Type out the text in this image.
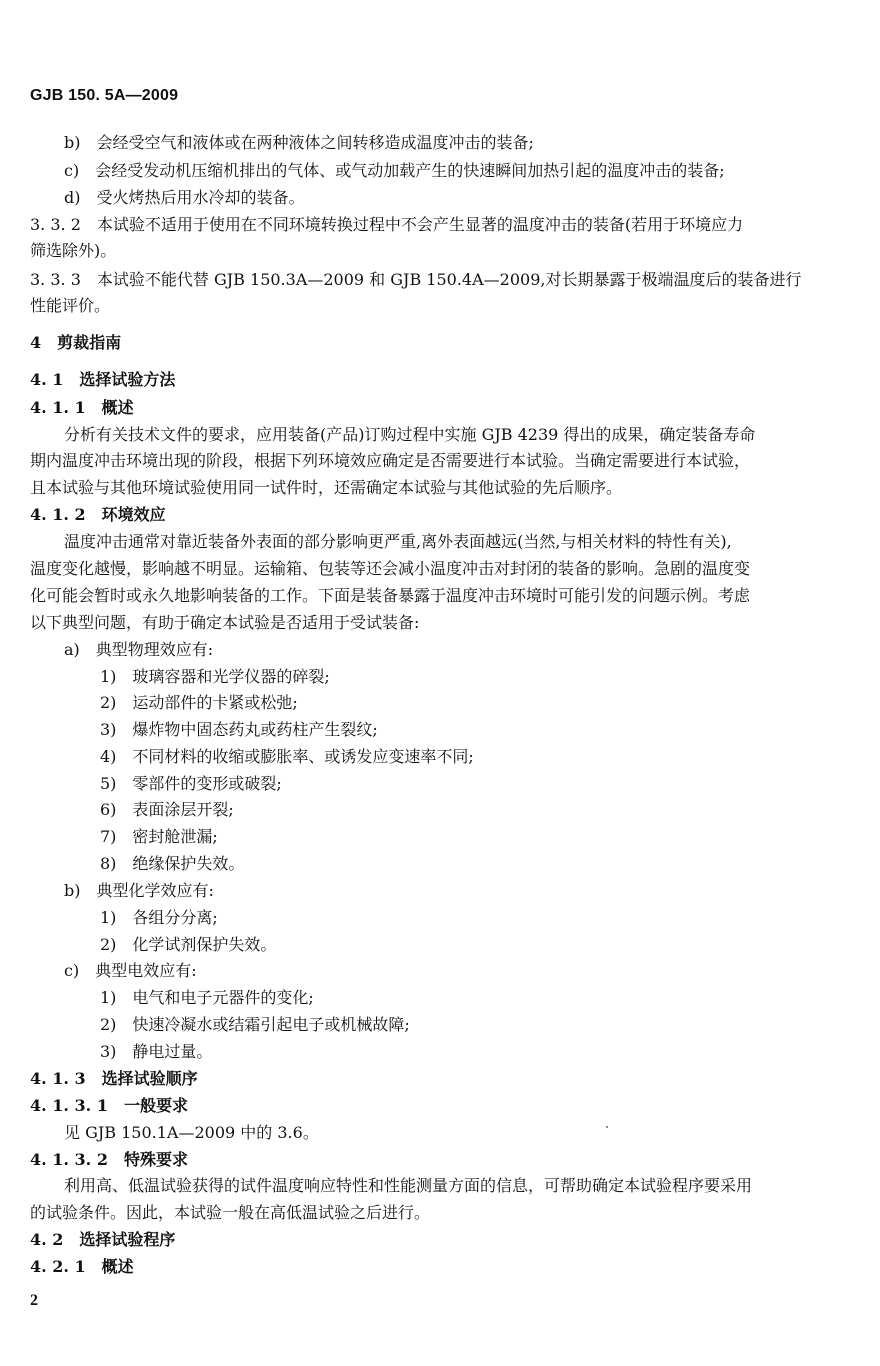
GJB 150. 5A—2009
b)　会经受空气和液体或在两种液体之间转移造成温度冲击的装备;
c)　会经受发动机压缩机排出的气体、或气动加载产生的快速瞬间加热引起的温度冲击的装备;
d)　受火烤热后用水冷却的装备。
3. 3. 2　本试验不适用于使用在不同环境转换过程中不会产生显著的温度冲击的装备(若用于环境应力
筛选除外)。
3. 3. 3　本试验不能代替 GJB 150.3A—2009 和 GJB 150.4A—2009,对长期暴露于极端温度后的装备进行
性能评价。
4　剪裁指南
4. 1　选择试验方法
4. 1. 1　概述
分析有关技术文件的要求，应用装备(产品)订购过程中实施 GJB 4239 得出的成果，确定装备寿命
期内温度冲击环境出现的阶段，根据下列环境效应确定是否需要进行本试验。当确定需要进行本试验，
且本试验与其他环境试验使用同一试件时，还需确定本试验与其他试验的先后顺序。
4. 1. 2　环境效应
温度冲击通常对靠近装备外表面的部分影响更严重,离外表面越远(当然,与相关材料的特性有关),
温度变化越慢，影响越不明显。运输箱、包装等还会减小温度冲击对封闭的装备的影响。急剧的温度变
化可能会暂时或永久地影响装备的工作。下面是装备暴露于温度冲击环境时可能引发的问题示例。考虑
以下典型问题，有助于确定本试验是否适用于受试装备:
a)　典型物理效应有:
1)　玻璃容器和光学仪器的碎裂;
2)　运动部件的卡紧或松弛;
3)　爆炸物中固态药丸或药柱产生裂纹;
4)　不同材料的收缩或膨胀率、或诱发应变速率不同;
5)　零部件的变形或破裂;
6)　表面涂层开裂;
7)　密封舱泄漏;
8)　绝缘保护失效。
b)　典型化学效应有:
1)　各组分分离;
2)　化学试剂保护失效。
c)　典型电效应有:
1)　电气和电子元器件的变化;
2)　快速冷凝水或结霜引起电子或机械故障;
3)　静电过量。
4. 1. 3　选择试验顺序
4. 1. 3. 1　一般要求
见 GJB 150.1A—2009 中的 3.6。
4. 1. 3. 2　特殊要求
利用高、低温试验获得的试件温度响应特性和性能测量方面的信息，可帮助确定本试验程序要采用
的试验条件。因此，本试验一般在高低温试验之后进行。
4. 2　选择试验程序
4. 2. 1　概述
2
